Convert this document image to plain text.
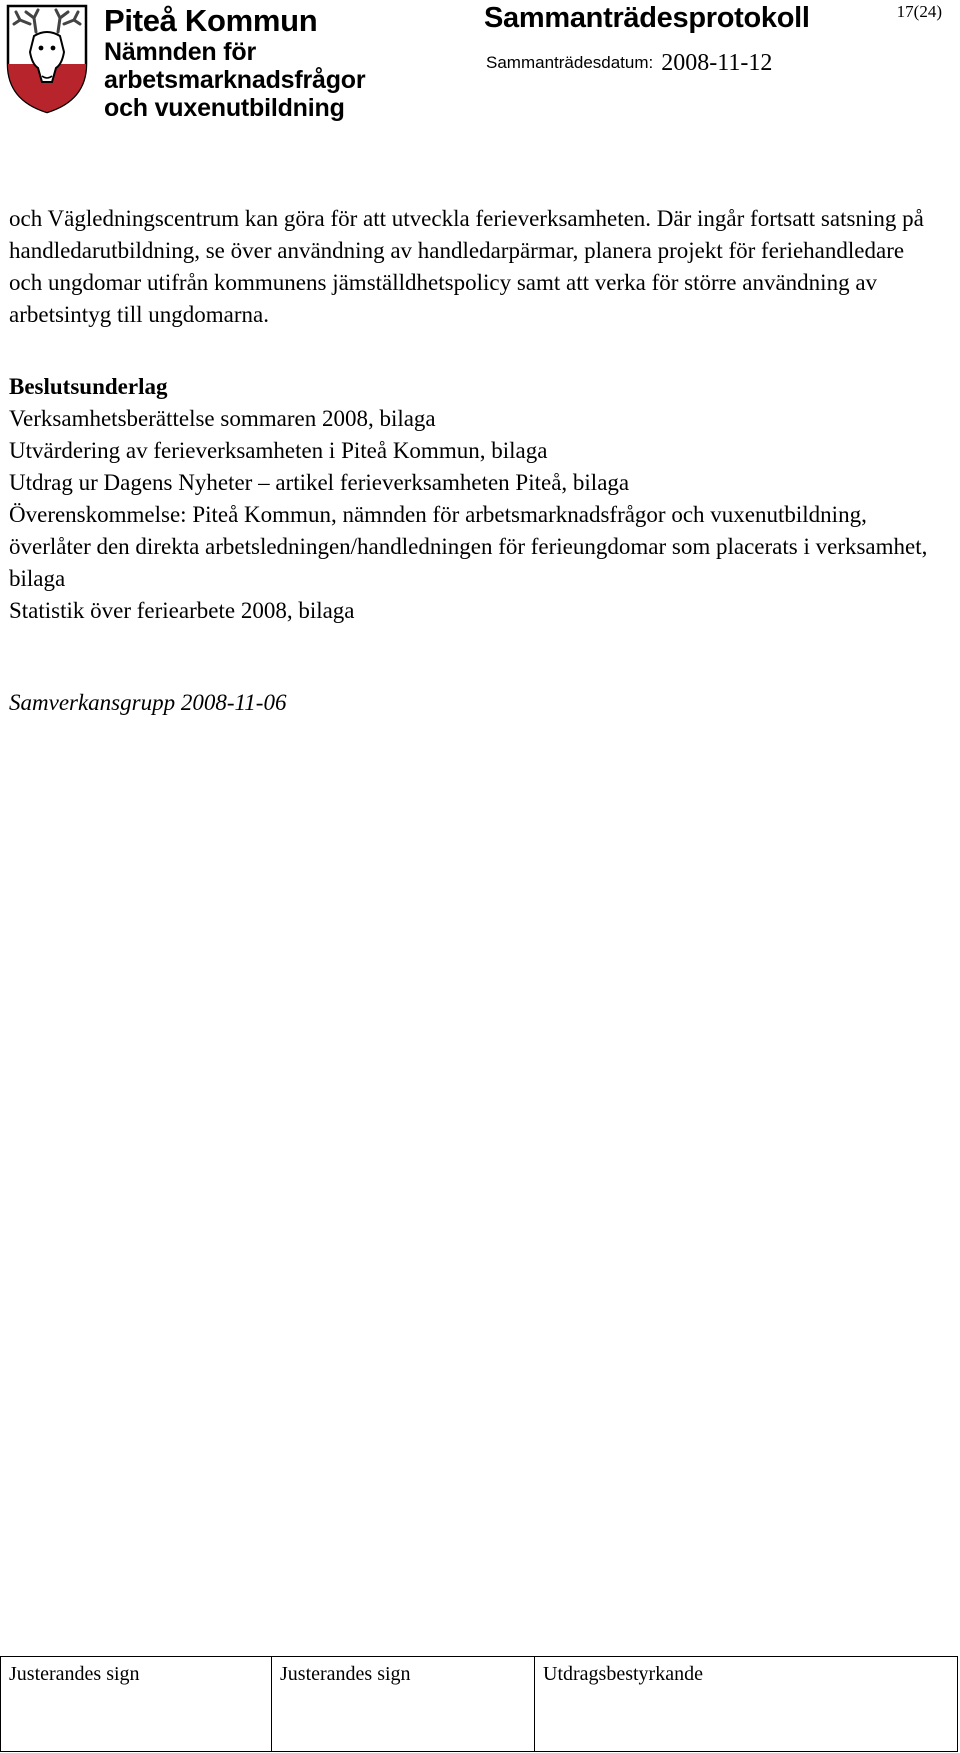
Piteå Kommun
Nämnden för
arbetsmarknadsfrågor
och vuxenutbildning
Sammanträdesprotokoll	17(24)
Sammanträdesdatum: 2008-11-12

och Vägledningscentrum kan göra för att utveckla ferieverksamheten. Där ingår fortsatt satsning på handledarutbildning, se över användning av handledarpärmar, planera projekt för feriehandledare och ungdomar utifrån kommunens jämställdhetspolicy samt att verka för större användning av arbetsintyg till ungdomarna.

Beslutsunderlag

Verksamhetsberättelse sommaren 2008, bilaga
Utvärdering av ferieverksamheten i Piteå Kommun, bilaga
Utdrag ur Dagens Nyheter – artikel ferieverksamheten Piteå, bilaga
Överenskommelse: Piteå Kommun, nämnden för arbetsmarknadsfrågor och vuxenutbildning, överlåter den direkta arbetsledningen/handledningen för ferieungdomar som placerats i verksamhet, bilaga
Statistik över feriearbete 2008, bilaga

Samverkansgrupp 2008-11-06

Justerandes sign	Justerandes sign	Utdragsbestyrkande
